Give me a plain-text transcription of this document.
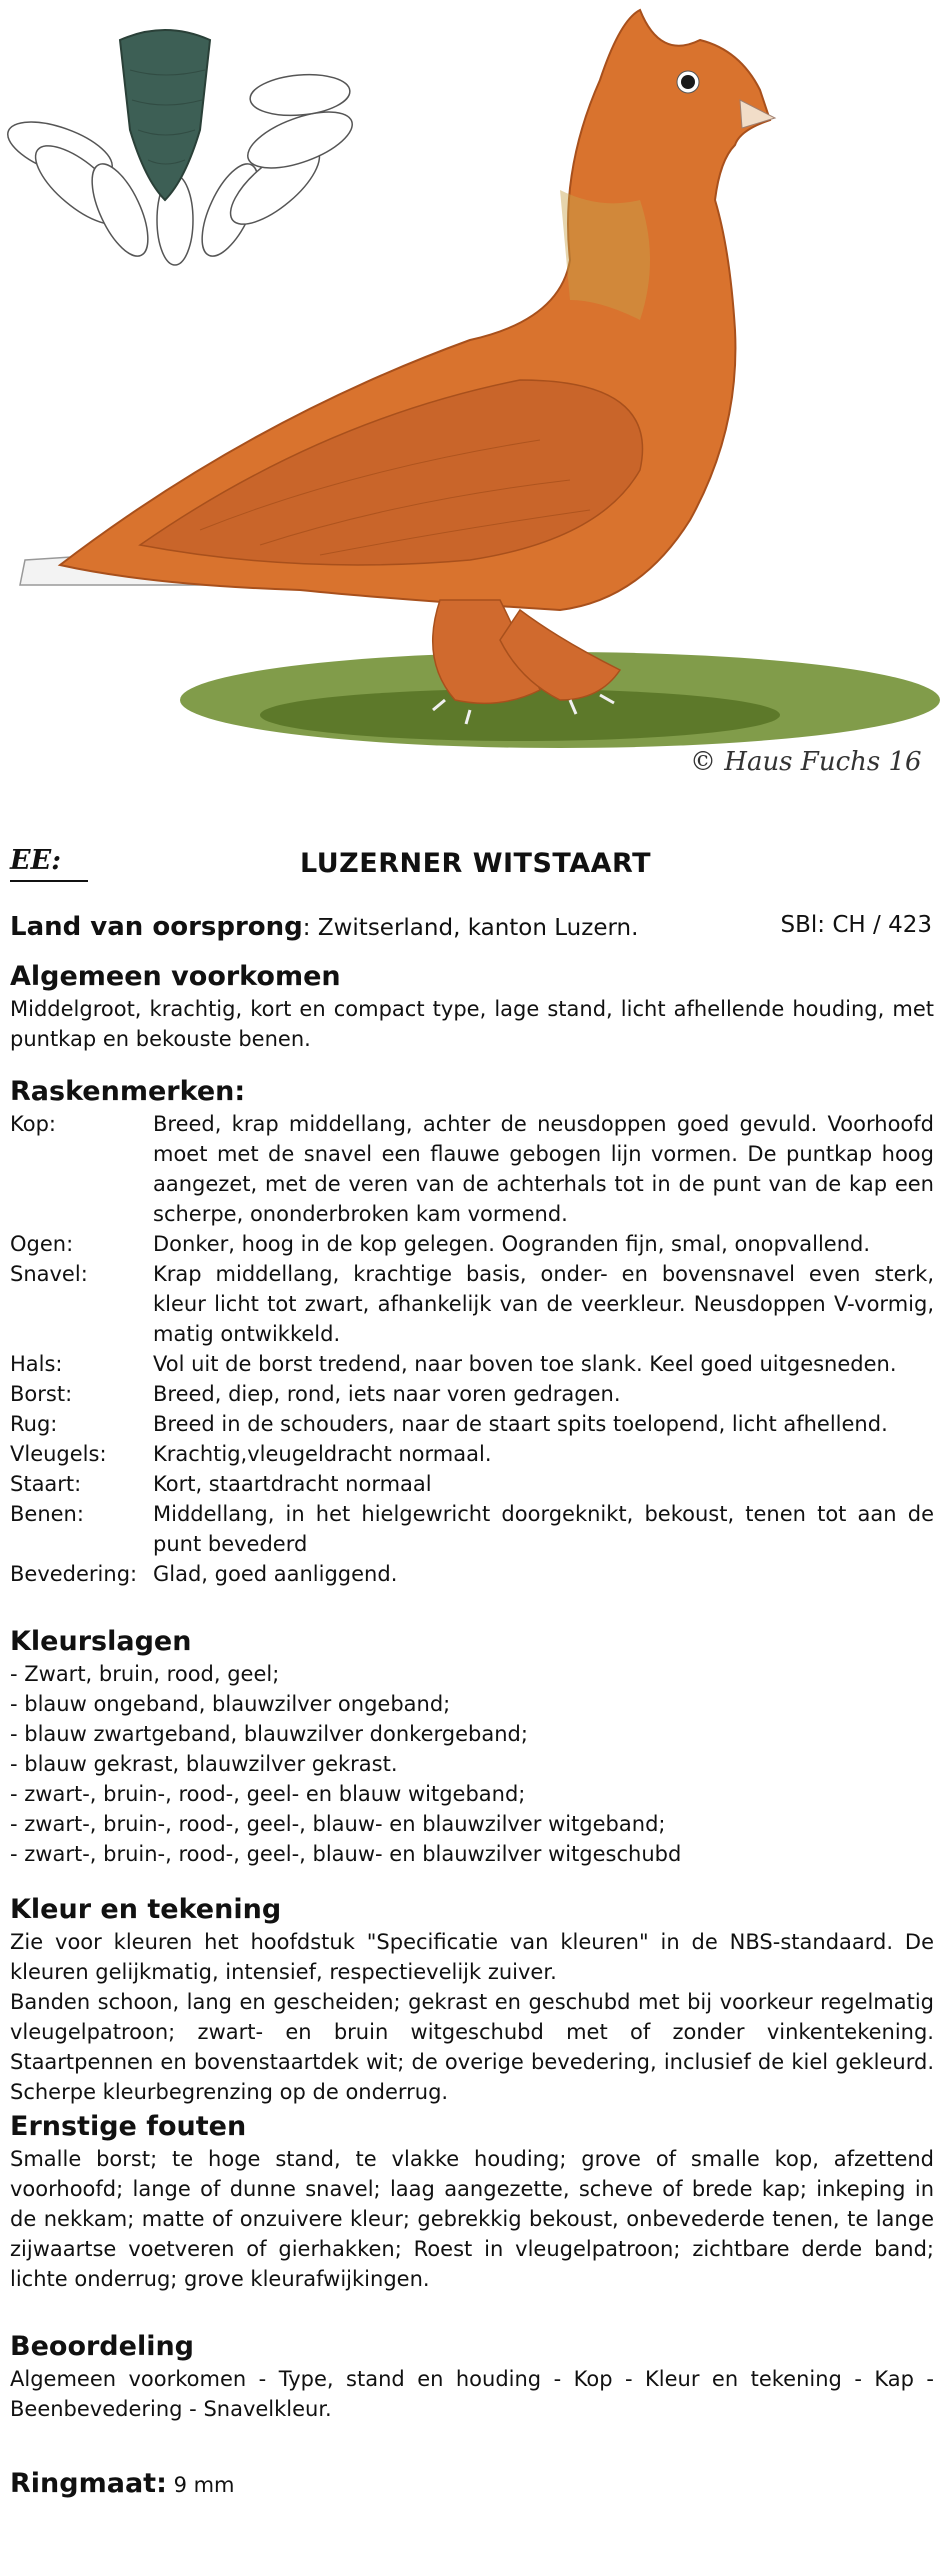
© Haus Fuchs 16
EE:	LUZERNER WITSTAART
Land van oorsprong: Zwitserland, kanton Luzern.	SBl: CH / 423
Algemeen voorkomen

Middelgroot, krachtig, kort en compact type, lage stand, licht afhellende houding, met puntkap en bekouste benen.

Raskenmerken:
Kop:	Breed, krap middellang, achter de neusdoppen goed gevuld. Voorhoofd moet met de snavel een flauwe gebogen lijn vormen. De puntkap hoog aangezet, met de veren van de achterhals tot in de punt van de kap een scherpe, ononderbroken kam vormend.
Ogen:	Donker, hoog in de kop gelegen. Oogranden fijn, smal, onopvallend.
Snavel:	Krap middellang, krachtige basis, onder- en bovensnavel even sterk, kleur licht tot zwart, afhankelijk van de veerkleur. Neusdoppen V-vormig, matig ontwikkeld.
Hals:	Vol uit de borst tredend, naar boven toe slank. Keel goed uitgesneden.
Borst:	Breed, diep, rond, iets naar voren gedragen.
Rug:	Breed in de schouders, naar de staart spits toelopend, licht afhellend.
Vleugels:	Krachtig,vleugeldracht normaal.
Staart:	Kort, staartdracht normaal
Benen:	Middellang, in het hielgewricht doorgeknikt, bekoust, tenen tot aan de punt bevederd
Bevedering: Glad, goed aanliggend.
Kleurslagen
- Zwart, bruin, rood, geel;
- blauw ongeband, blauwzilver ongeband;
- blauw zwartgeband, blauwzilver donkergeband;
- blauw gekrast, blauwzilver gekrast.
- zwart-, bruin-, rood-, geel- en blauw witgeband;
- zwart-, bruin-, rood-, geel-, blauw- en blauwzilver witgeband;
- zwart-, bruin-, rood-, geel-, blauw- en blauwzilver witgeschubd
Kleur en tekening

Zie voor kleuren het hoofdstuk "Specificatie van kleuren" in de NBS-standaard. De kleuren gelijkmatig, intensief, respectievelijk zuiver.

Banden schoon, lang en gescheiden; gekrast en geschubd met bij voorkeur regelmatig vleugelpatroon; zwart- en bruin witgeschubd met of zonder vinkentekening. Staartpennen en bovenstaartdek wit; de overige bevedering, inclusief de kiel gekleurd. Scherpe kleurbegrenzing op de onderrug.

Ernstige fouten

Smalle borst; te hoge stand, te vlakke houding; grove of smalle kop, afzettend voorhoofd; lange of dunne snavel; laag aangezette, scheve of brede kap; inkeping in de nekkam; matte of onzuivere kleur; gebrekkig bekoust, onbevederde tenen, te lange zijwaartse voetveren of gierhakken; Roest in vleugelpatroon; zichtbare derde band; lichte onderrug; grove kleurafwijkingen.

Beoordeling

Algemeen voorkomen - Type, stand en houding - Kop - Kleur en tekening - Kap - Beenbevedering - Snavelkleur.

Ringmaat: 9 mm
